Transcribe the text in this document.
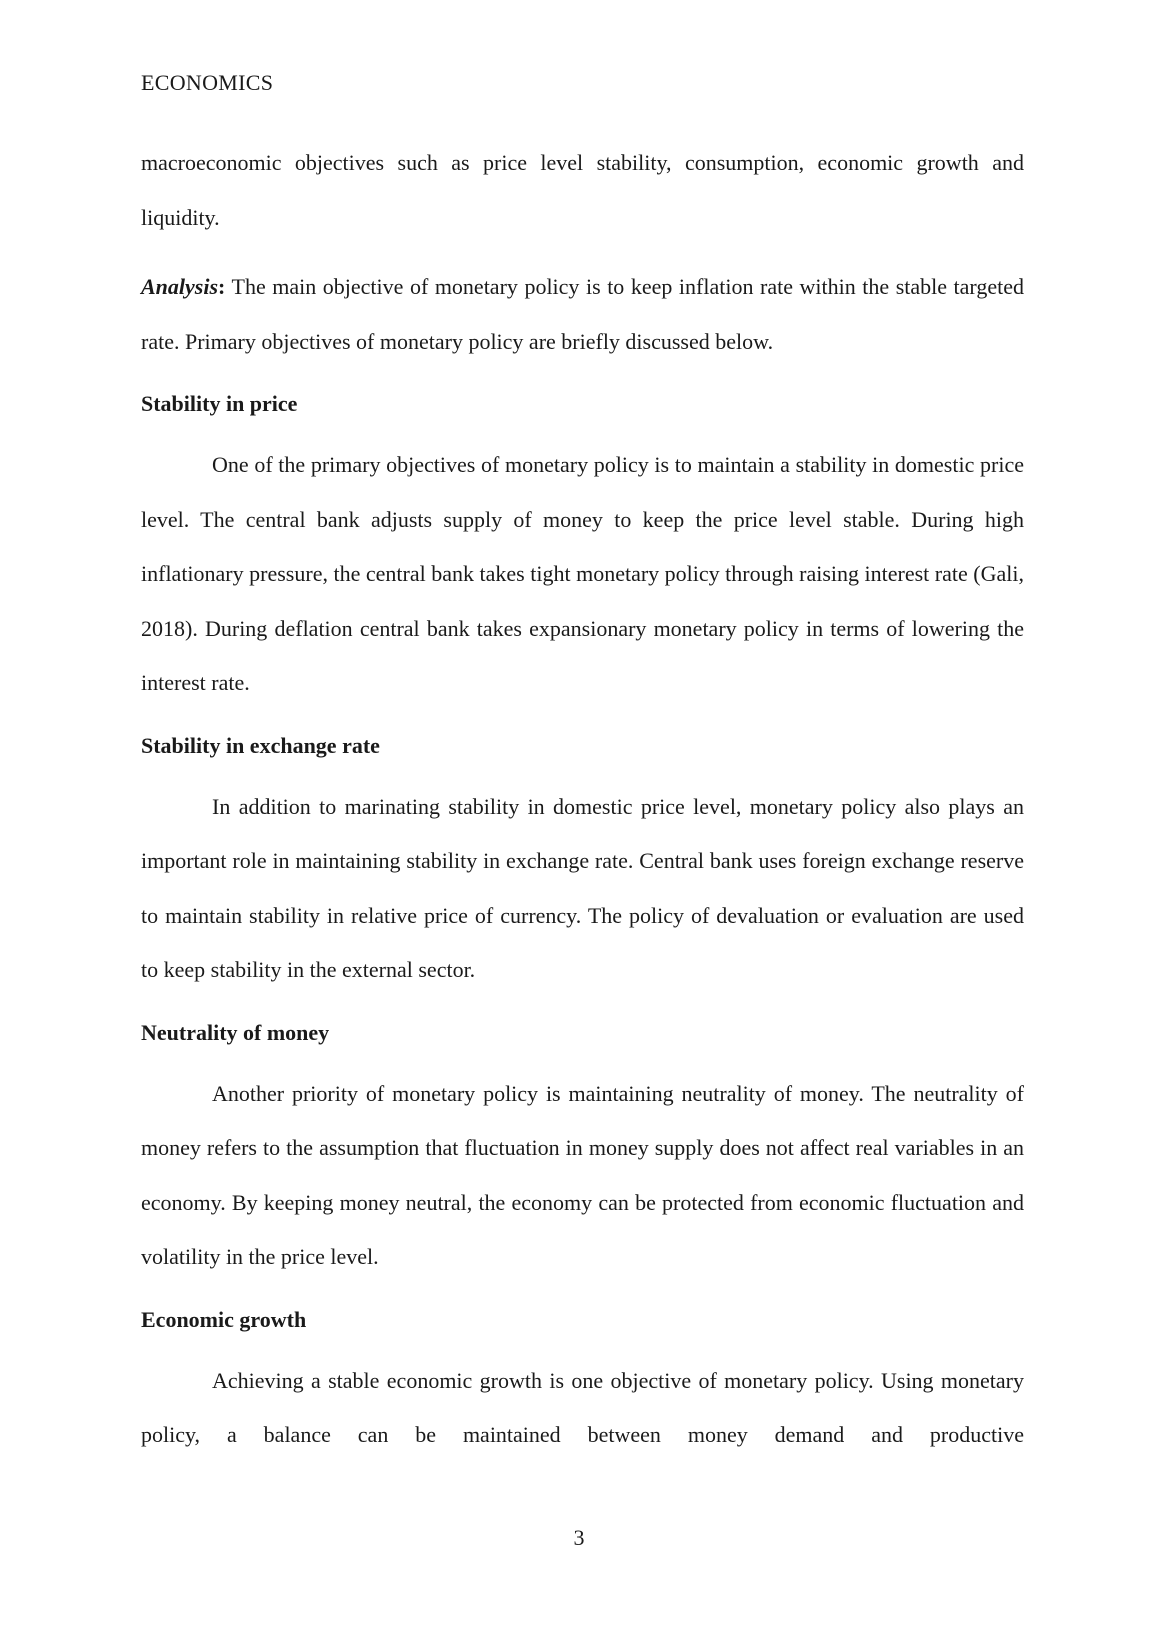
ECONOMICS

macroeconomic objectives such as price level stability, consumption, economic growth and liquidity.

Analysis: The main objective of monetary policy is to keep inflation rate within the stable targeted rate. Primary objectives of monetary policy are briefly discussed below.

Stability in price

One of the primary objectives of monetary policy is to maintain a stability in domestic price level. The central bank adjusts supply of money to keep the price level stable. During high inflationary pressure, the central bank takes tight monetary policy through raising interest rate (Gali, 2018). During deflation central bank takes expansionary monetary policy in terms of lowering the interest rate.

Stability in exchange rate

In addition to marinating stability in domestic price level, monetary policy also plays an important role in maintaining stability in exchange rate. Central bank uses foreign exchange reserve to maintain stability in relative price of currency. The policy of devaluation or evaluation are used to keep stability in the external sector.

Neutrality of money

Another priority of monetary policy is maintaining neutrality of money. The neutrality of money refers to the assumption that fluctuation in money supply does not affect real variables in an economy. By keeping money neutral, the economy can be protected from economic fluctuation and volatility in the price level.

Economic growth

Achieving a stable economic growth is one objective of monetary policy. Using monetary policy, a balance can be maintained between money demand and productive

3
